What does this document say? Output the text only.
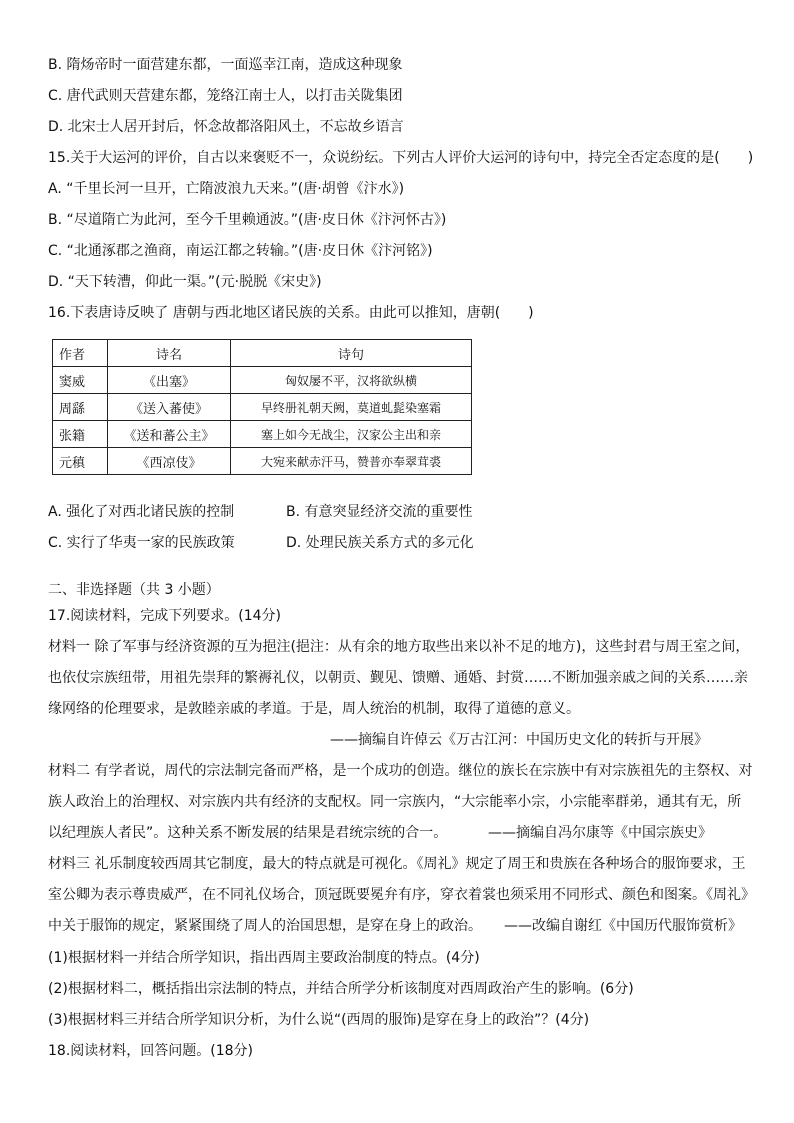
B. 隋炀帝时一面营建东都，一面巡幸江南，造成这种现象
C. 唐代武则天营建东都，笼络江南士人，以打击关陇集团
D. 北宋士人居开封后，怀念故都洛阳风土，不忘故乡语言
15.关于大运河的评价，自古以来褒贬不一，众说纷纭。下列古人评价大运河的诗句中，持完全否定态度的是(　　)
A. “千里长河一旦开，亡隋波浪九天来。”(唐·胡曾《汴水》)
B. “尽道隋亡为此河，至今千里赖通波。”(唐·皮日休《汴河怀古》)
C. “北通涿郡之渔商，南运江都之转输。”(唐·皮日休《汴河铭》)
D. “天下转漕，仰此一渠。”(元·脱脱《宋史》)
16.下表唐诗反映了 唐朝与西北地区诸民族的关系。由此可以推知，唐朝(　　)
作者	诗名	诗句
窦威	《出塞》	匈奴屡不平，汉将欲纵横
周繇	《送入蕃使》	早终册礼朝天阙，莫道虬髭染塞霜
张籍	《送和蕃公主》	塞上如今无战尘，汉家公主出和亲
元稹	《西凉伎》	大宛来献赤汗马，赞普亦奉翠茸裘
A. 强化了对西北诸民族的控制	B. 有意突显经济交流的重要性
C. 实行了华夷一家的民族政策	D. 处理民族关系方式的多元化
二、非选择题（共 3 小题）
17.阅读材料，完成下列要求。(14分)
材料一 除了军事与经济资源的互为挹注(挹注：从有余的地方取些出来以补不足的地方)，这些封君与周王室之间，
也依仗宗族纽带，用祖先崇拜的繁褥礼仪，以朝贡、觐见、馈赠、通婚、封赏……不断加强亲戚之间的关系……亲
缘网络的伦理要求，是敦睦亲戚的孝道。于是，周人统治的机制，取得了道德的意义。
——摘编自许倬云《万古江河：中国历史文化的转折与开展》
材料二 有学者说，周代的宗法制完备而严格，是一个成功的创造。继位的族长在宗族中有对宗族祖先的主祭权、对
族人政治上的治理权、对宗族内共有经济的支配权。同一宗族内，“大宗能率小宗，小宗能率群弟，通其有无，所
以纪理族人者民”。这种关系不断发展的结果是君统宗统的合一。	——摘编自冯尔康等《中国宗族史》
材料三 礼乐制度较西周其它制度，最大的特点就是可视化。《周礼》规定了周王和贵族在各种场合的服饰要求，王
室公卿为表示尊贵威严，在不同礼仪场合，顶冠既要冕弁有序，穿衣着裳也须采用不同形式、颜色和图案。《周礼》
中关于服饰的规定，紧紧围绕了周人的治国思想，是穿在身上的政治。 ——改编自谢红《中国历代服饰赏析》
(1)根据材料一并结合所学知识，指出西周主要政治制度的特点。(4分)
(2)根据材料二，概括指出宗法制的特点，并结合所学分析该制度对西周政治产生的影响。(6分)
(3)根据材料三并结合所学知识分析，为什么说“(西周的服饰)是穿在身上的政治”？(4分)
18.阅读材料，回答问题。(18分)
